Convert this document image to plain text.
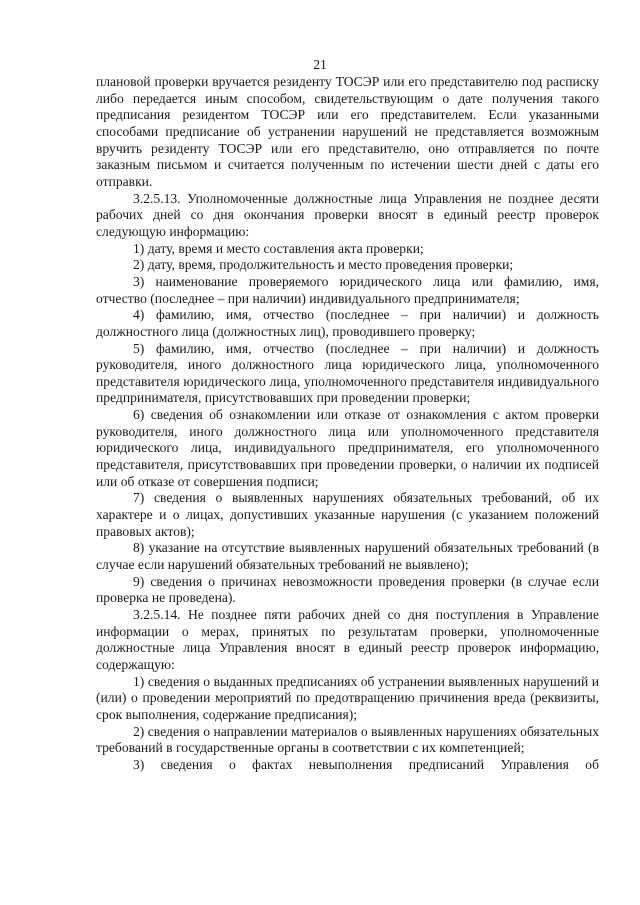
21

плановой проверки вручается резиденту ТОСЭР или его представителю под расписку либо передается иным способом, свидетельствующим о дате получения такого предписания резидентом ТОСЭР или его представителем. Если указанными способами предписание об устранении нарушений не представляется возможным вручить резиденту ТОСЭР или его представителю, оно отправляется по почте заказным письмом и считается полученным по истечении шести дней с даты его отправки.

3.2.5.13. Уполномоченные должностные лица Управления не позднее десяти рабочих дней со дня окончания проверки вносят в единый реестр проверок следующую информацию:

1) дату, время и место составления акта проверки;

2) дату, время, продолжительность и место проведения проверки;

3) наименование проверяемого юридического лица или фамилию, имя, отчество (последнее – при наличии) индивидуального предпринимателя;

4) фамилию, имя, отчество (последнее – при наличии) и должность должностного лица (должностных лиц), проводившего проверку;

5) фамилию, имя, отчество (последнее – при наличии) и должность руководителя, иного должностного лица юридического лица, уполномоченного представителя юридического лица, уполномоченного представителя индивидуального предпринимателя, присутствовавших при проведении проверки;

6) сведения об ознакомлении или отказе от ознакомления с актом проверки руководителя, иного должностного лица или уполномоченного представителя юридического лица, индивидуального предпринимателя, его уполномоченного представителя, присутствовавших при проведении проверки, о наличии их подписей или об отказе от совершения подписи;

7) сведения о выявленных нарушениях обязательных требований, об их характере и о лицах, допустивших указанные нарушения (с указанием положений правовых актов);

8) указание на отсутствие выявленных нарушений обязательных требований (в случае если нарушений обязательных требований не выявлено);

9) сведения о причинах невозможности проведения проверки (в случае если проверка не проведена).

3.2.5.14. Не позднее пяти рабочих дней со дня поступления в Управление информации о мерах, принятых по результатам проверки, уполномоченные должностные лица Управления вносят в единый реестр проверок информацию, содержащую:

1) сведения о выданных предписаниях об устранении выявленных нарушений и (или) о проведении мероприятий по предотвращению причинения вреда (реквизиты, срок выполнения, содержание предписания);

2) сведения о направлении материалов о выявленных нарушениях обязательных требований в государственные органы в соответствии с их компетенцией;

3) сведения о фактах невыполнения предписаний Управления об
